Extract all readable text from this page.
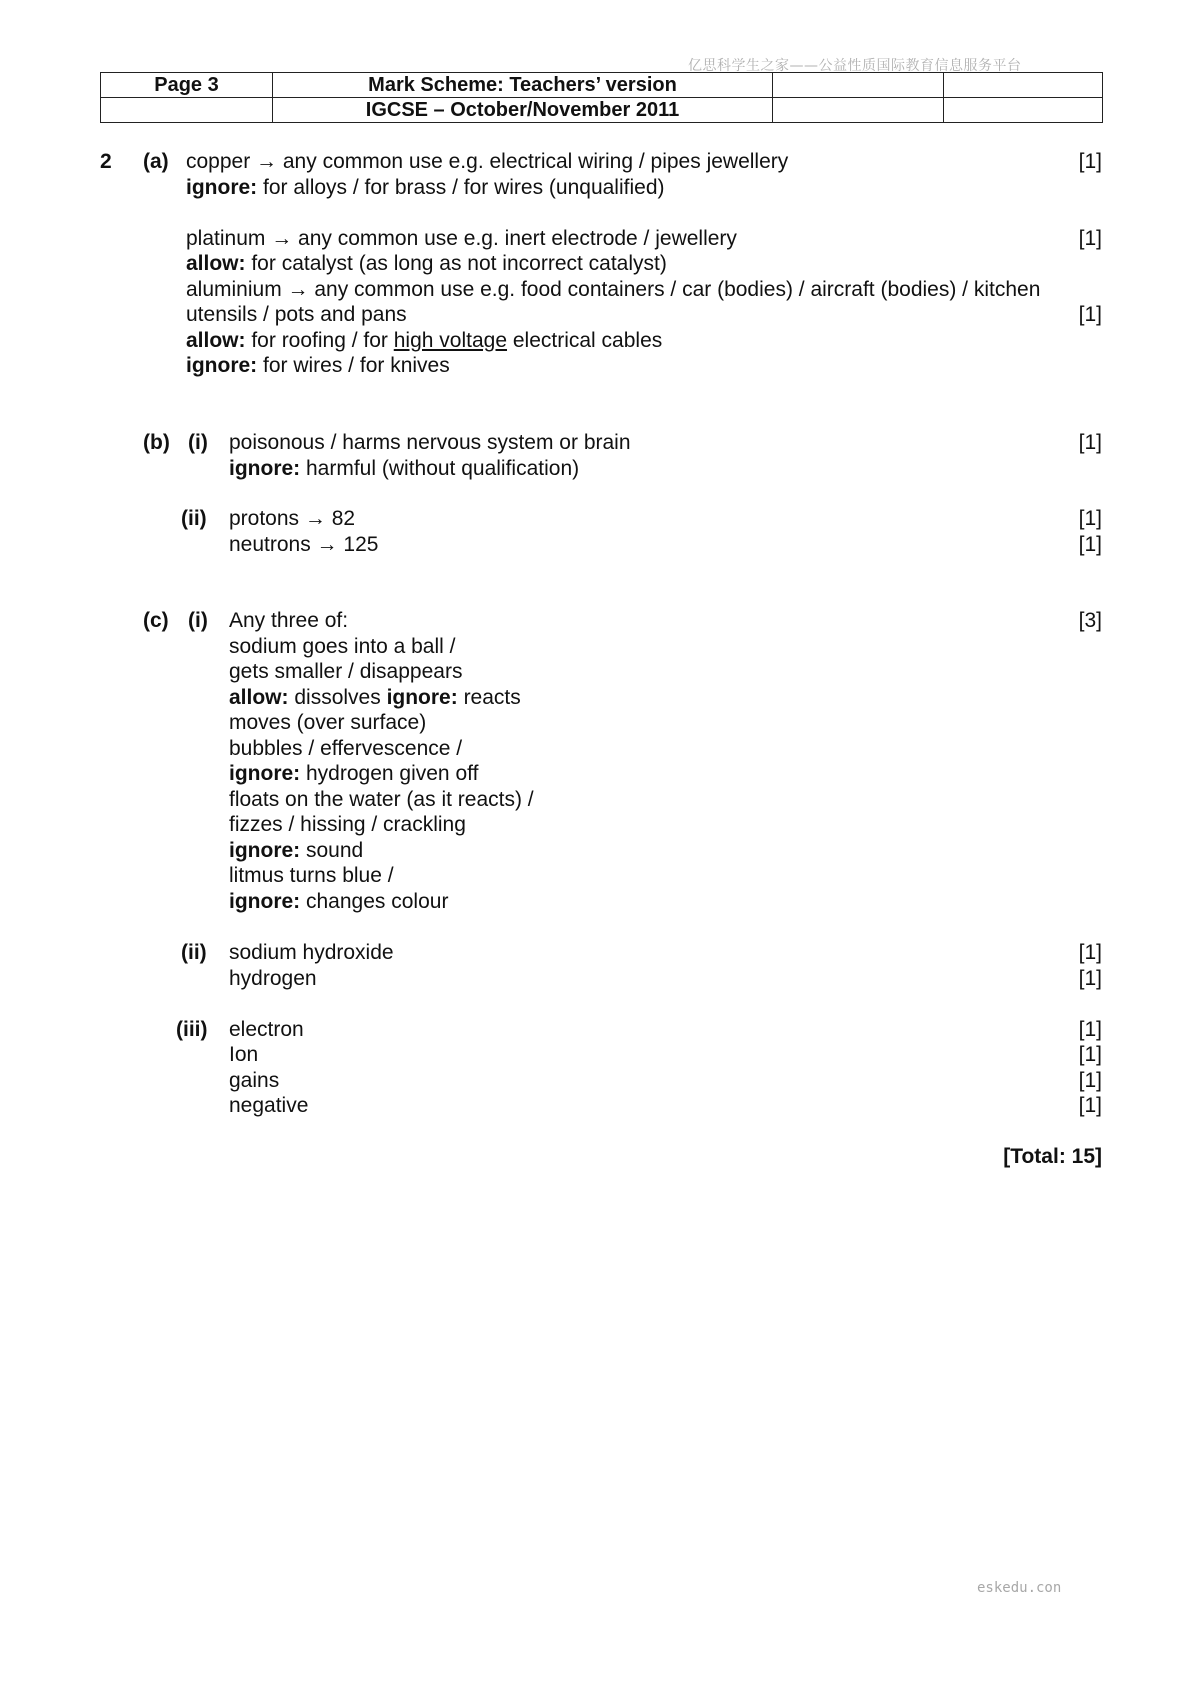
亿思科学生之家——公益性质国际教育信息服务平台
Page 3	Mark Scheme: Teachers’ version		
	IGCSE – October/November 2011		
2 (a) copper → any common use e.g. electrical wiring / pipes jewellery	[1]
ignore: for alloys / for brass / for wires (unqualified)
platinum → any common use e.g. inert electrode / jewellery	[1]
allow: for catalyst (as long as not incorrect catalyst)
aluminium → any common use e.g. food containers / car (bodies) / aircraft (bodies) / kitchen
utensils / pots and pans	[1]
allow: for roofing / for high voltage electrical cables
ignore: for wires / for knives
(b) (i) poisonous / harms nervous system or brain	[1]
ignore: harmful (without qualification)
(ii) protons → 82	[1]
neutrons → 125	[1]
(c) (i) Any three of:	[3]
sodium goes into a ball /
gets smaller / disappears
allow: dissolves ignore: reacts
moves (over surface)
bubbles / effervescence /
ignore: hydrogen given off
floats on the water (as it reacts) /
fizzes / hissing / crackling
ignore: sound
litmus turns blue /
ignore: changes colour
(ii) sodium hydroxide	[1]
hydrogen	[1]
(iii) electron	[1]
Ion	[1]
gains	[1]
negative	[1]
[Total: 15]
eskedu.con
